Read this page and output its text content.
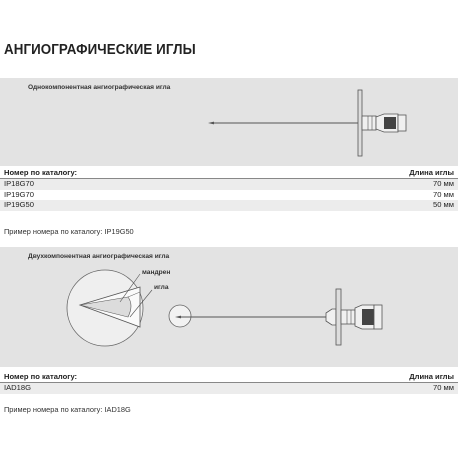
АНГИОГРАФИЧЕСКИЕ ИГЛЫ
Однокомпонентная ангиографическая игла
Номер по каталогу:	Длина иглы
IP18G70	70 мм
IP19G70	70 мм
IP19G50	50 мм
Пример номера по каталогу: IP19G50
Двухкомпонентная ангиографическая игла
мандрен
игла
Номер по каталогу:	Длина иглы
IAD18G	70 мм
Пример номера по каталогу: IAD18G
